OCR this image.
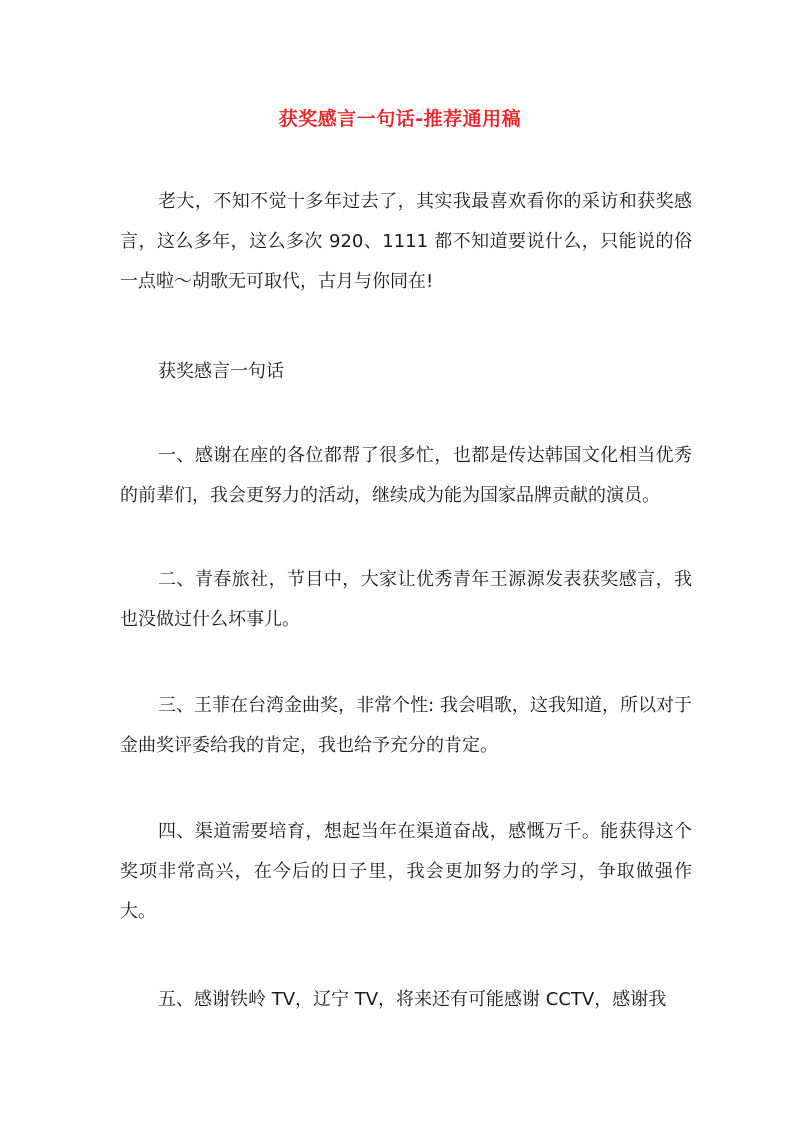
获奖感言一句话-推荐通用稿

老大，不知不觉十多年过去了，其实我最喜欢看你的采访和获奖感言，这么多年，这么多次 920、1111 都不知道要说什么，只能说的俗一点啦～胡歌无可取代，古月与你同在!

获奖感言一句话

一、感谢在座的各位都帮了很多忙，也都是传达韩国文化相当优秀的前辈们，我会更努力的活动，继续成为能为国家品牌贡献的演员。

二、青春旅社，节目中，大家让优秀青年王源源发表获奖感言，我也没做过什么坏事儿。

三、王菲在台湾金曲奖，非常个性: 我会唱歌，这我知道，所以对于金曲奖评委给我的肯定，我也给予充分的肯定。

四、渠道需要培育，想起当年在渠道奋战，感慨万千。能获得这个奖项非常高兴，在今后的日子里，我会更加努力的学习，争取做强作大。

五、感谢铁岭 TV，辽宁 TV，将来还有可能感谢 CCTV，感谢我
